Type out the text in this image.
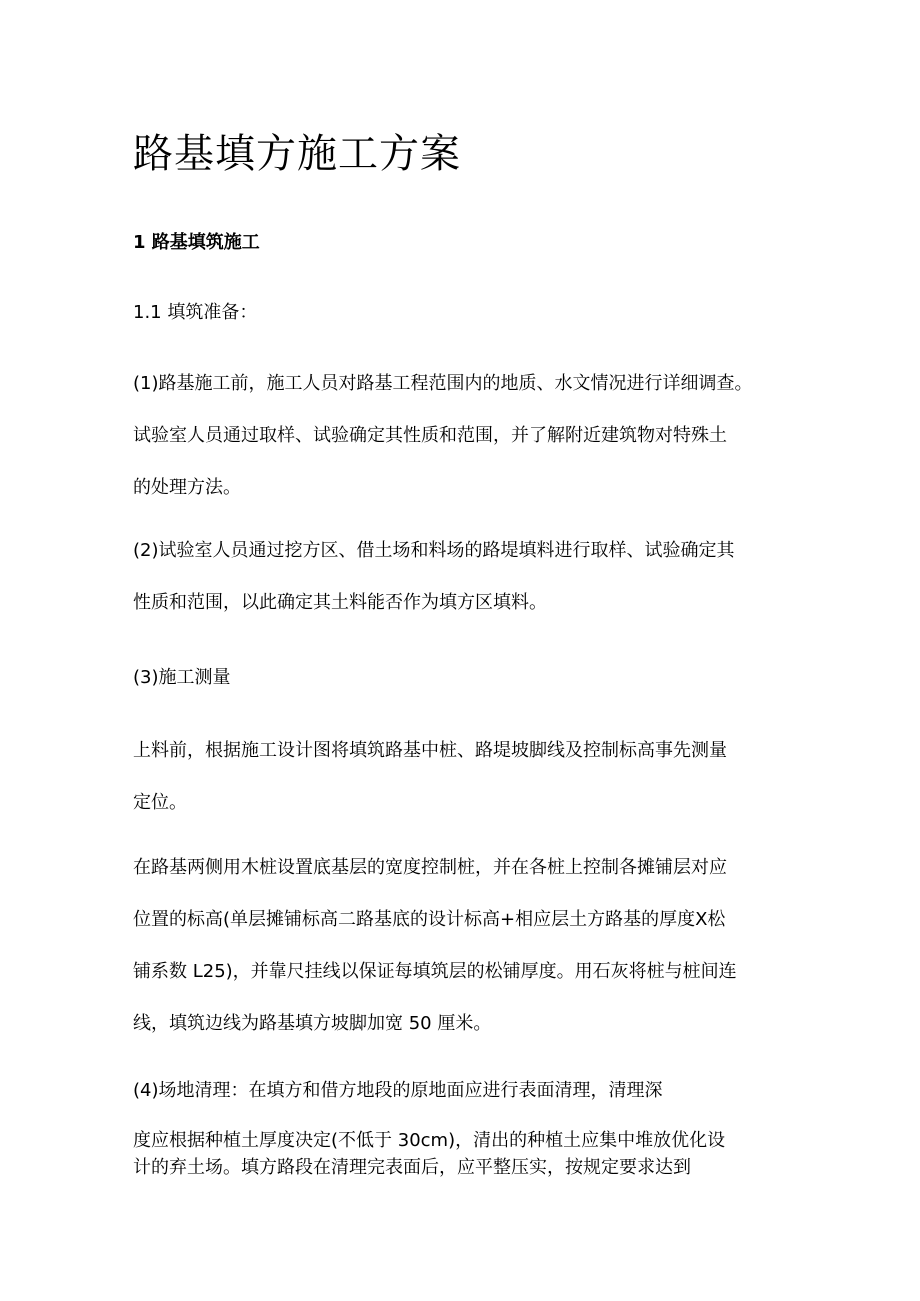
路基填方施工方案
1 路基填筑施工

1.1 填筑准备：

(1)路基施工前，施工人员对路基工程范围内的地质、水文情况进行详细调查。
试验室人员通过取样、试验确定其性质和范围，并了解附近建筑物对特殊土
的处理方法。
(2)试验室人员通过挖方区、借土场和料场的路堤填料进行取样、试验确定其
性质和范围，以此确定其土料能否作为填方区填料。

(3)施工测量

上料前，根据施工设计图将填筑路基中桩、路堤坡脚线及控制标高事先测量
定位。
在路基两侧用木桩设置底基层的宽度控制桩，并在各桩上控制各摊铺层对应
位置的标高(单层摊铺标高二路基底的设计标高+相应层土方路基的厚度X松
铺系数 L25)，并靠尺挂线以保证每填筑层的松铺厚度。用石灰将桩与桩间连
线，填筑边线为路基填方坡脚加宽 50 厘米。

(4)场地清理：在填方和借方地段的原地面应进行表面清理，清理深

度应根据种植土厚度决定(不低于 30cm)，清出的种植土应集中堆放优化设
计的弃土场。填方路段在清理完表面后，应平整压实，按规定要求达到
